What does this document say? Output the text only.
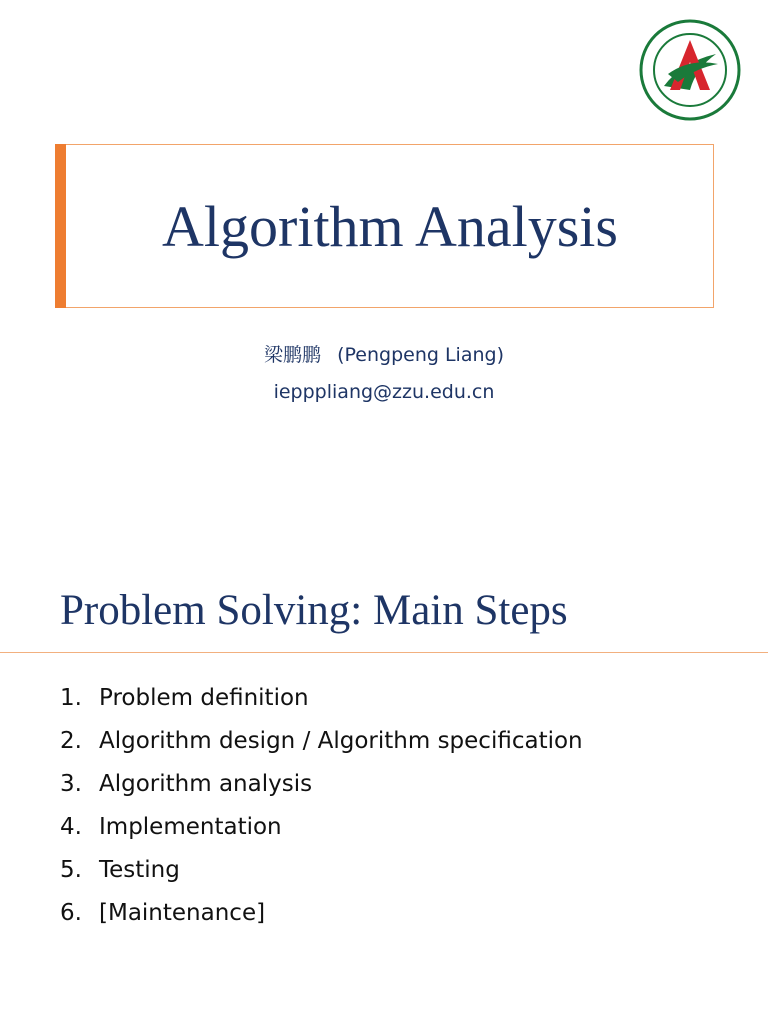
Algorithm Analysis
梁鹏鹏 (Pengpeng Liang)
iepppliang@zzu.edu.cn
Problem Solving: Main Steps
1. Problem definition
2. Algorithm design / Algorithm specification
3. Algorithm analysis
4. Implementation
5. Testing
6. [Maintenance]
